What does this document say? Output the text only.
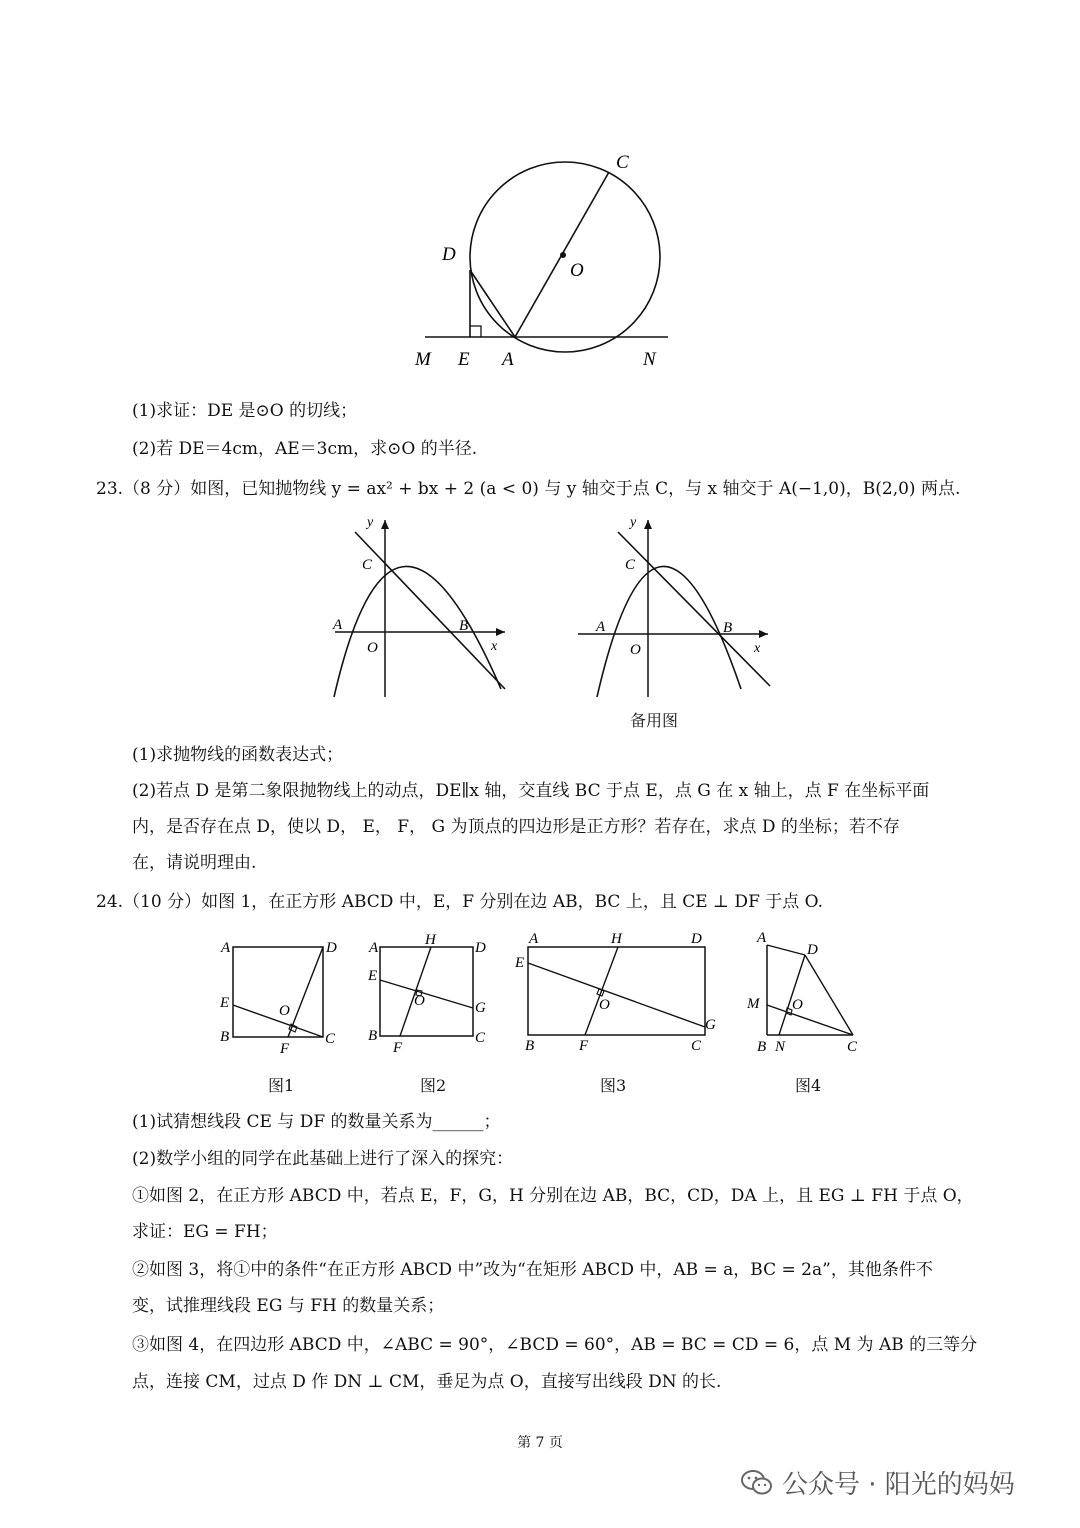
C
D
O
M E A	N
(1)求证：DE 是⊙O 的切线；
(2)若 DE＝4cm，AE＝3cm，求⊙O 的半径.
23.（8 分）如图，已知抛物线 y = ax² + bx + 2 (a < 0) 与 y 轴交于点 C，与 x 轴交于 A(−1,0)，B(2,0) 两点.
y
C
A
O
B
x
y
C
A
O
B
x
备用图
(1)求抛物线的函数表达式；
(2)若点 D 是第二象限抛物线上的动点，DE∥x 轴，交直线 BC 于点 E，点 G 在 x 轴上，点 F 在坐标平面
内，是否存在点 D，使以 D， E， F， G 为顶点的四边形是正方形？若存在，求点 D 的坐标；若不存
在，请说明理由.
24.（10 分）如图 1，在正方形 ABCD 中，E，F 分别在边 AB，BC 上，且 CE ⊥ DF 于点 O.
A	D
E	O
B
F
C
图1
A	H	D
E
O	G
B
F
C
图2
A	H	D
E
O
G
B	F	C
图3
A
D
M O
B N	C
图4
(1)试猜想线段 CE 与 DF 的数量关系为______；
(2)数学小组的同学在此基础上进行了深入的探究：
①如图 2，在正方形 ABCD 中，若点 E，F，G，H 分别在边 AB，BC，CD，DA 上，且 EG ⊥ FH 于点 O，
求证：EG = FH；
②如图 3，将①中的条件“在正方形 ABCD 中”改为“在矩形 ABCD 中，AB = a，BC = 2a”，其他条件不
变，试推理线段 EG 与 FH 的数量关系；
③如图 4，在四边形 ABCD 中，∠ABC = 90°，∠BCD = 60°，AB = BC = CD = 6，点 M 为 AB 的三等分
点，连接 CM，过点 D 作 DN ⊥ CM，垂足为点 O，直接写出线段 DN 的长.
第 7 页
公众号 · 阳光的妈妈
